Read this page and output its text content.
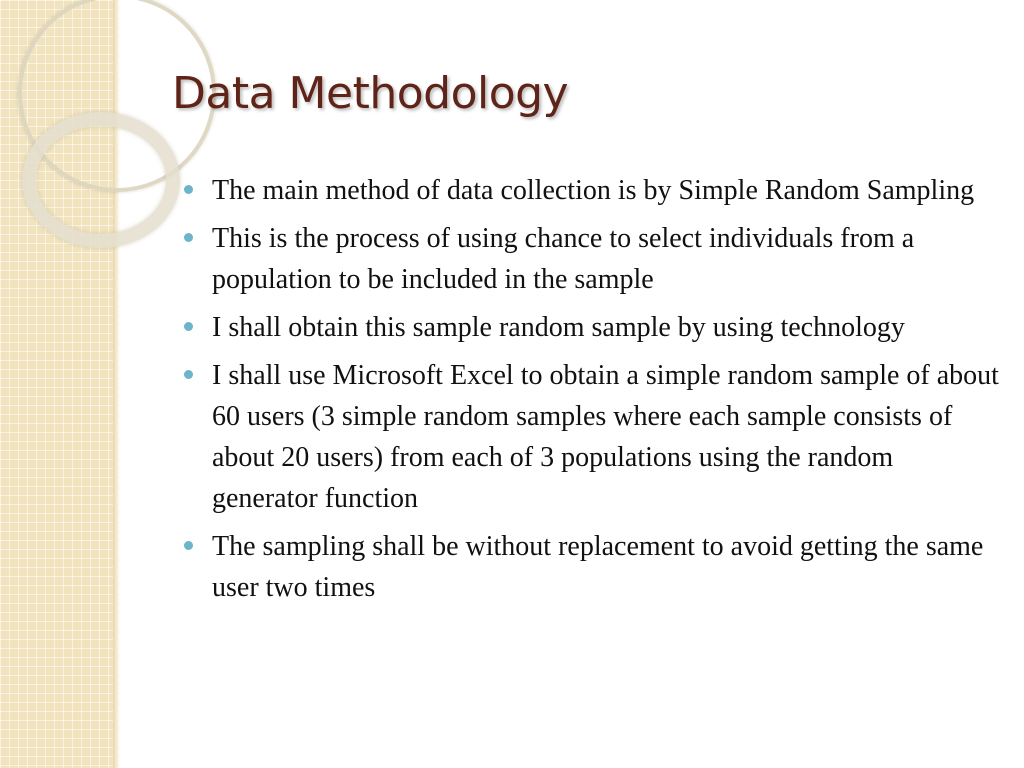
Data Methodology
The main method of data collection is by Simple Random Sampling
This is the process of using chance to select individuals from a population to be included in the sample
I shall obtain this sample random sample by using technology
I shall use Microsoft Excel to obtain a simple random sample of about 60 users (3 simple random samples where each sample consists of about 20 users) from each of 3 populations using the random generator function
The sampling shall be without replacement to avoid getting the same user two times
